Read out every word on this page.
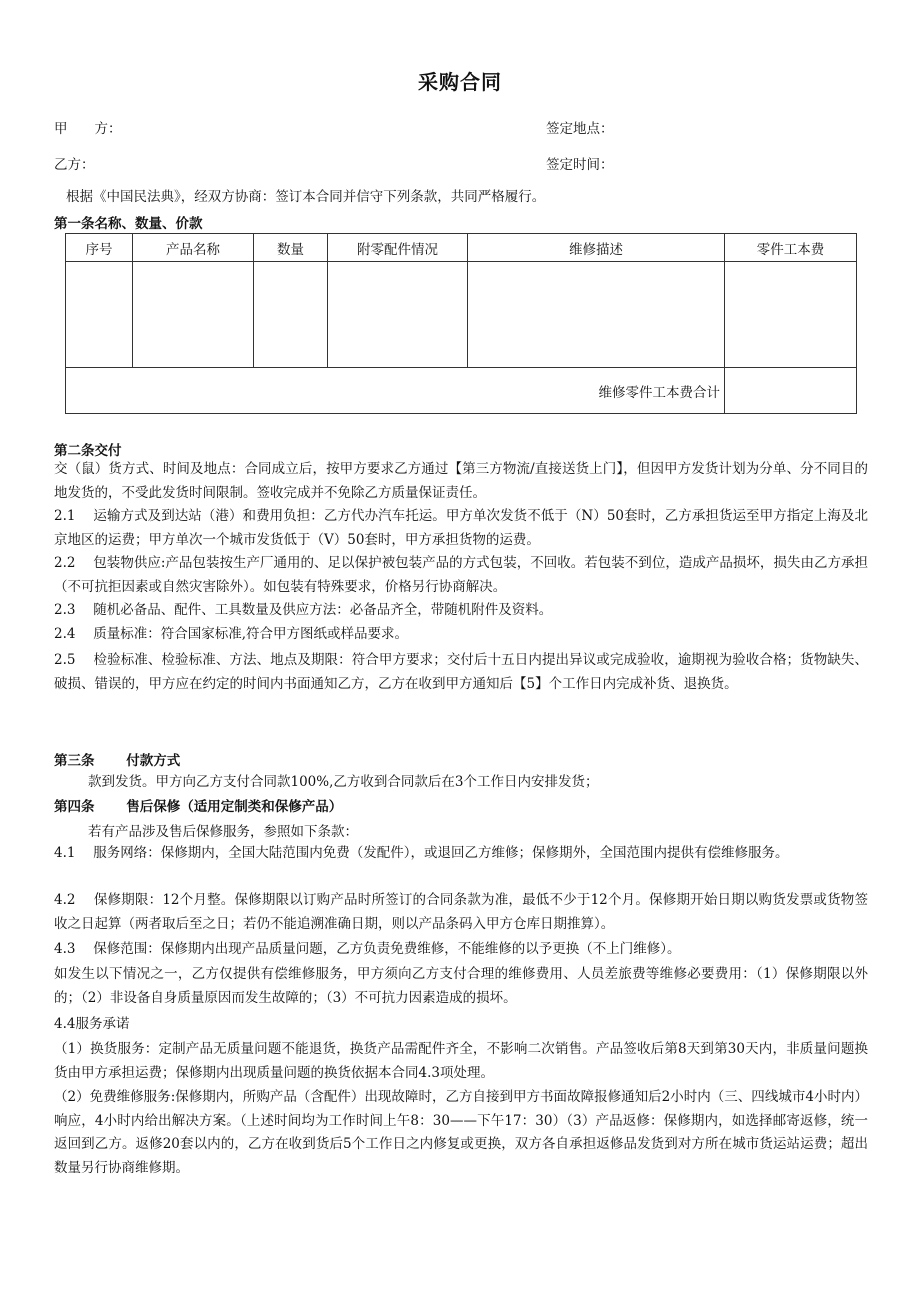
采购合同
甲　　方：	签定地点：
乙方：	签定时间：
根据《中国民法典》，经双方协商：签订本合同并信守下列条款，共同严格履行。
第一条名称、数量、价款
序号	产品名称	数量	附零配件情况	维修描述	零件工本费

维修零件工本费合计					
第二条交付
交（鼠）货方式、时间及地点：合同成立后，按甲方要求乙方通过【第三方物流/直接送货上门】，但因甲方发货计划为分单、分不同目的地发货的，不受此发货时间限制。签收完成并不免除乙方质量保证责任。
2.1　 运输方式及到达站（港）和费用负担：乙方代办汽车托运。甲方单次发货不低于（N）50套时，乙方承担货运至甲方指定上海及北京地区的运费；甲方单次一个城市发货低于（V）50套时，甲方承担货物的运费。
2.2　 包装物供应:产品包装按生产厂通用的、足以保护被包装产品的方式包装，不回收。若包装不到位，造成产品损坏，损失由乙方承担（不可抗拒因素或自然灾害除外）。如包装有特殊要求，价格另行协商解决。
2.3　 随机必备品、配件、工具数量及供应方法：必备品齐全，带随机附件及资料。
2.4　 质量标准：符合国家标准,符合甲方图纸或样品要求。
2.5　 检验标准、检验标准、方法、地点及期限：符合甲方要求；交付后十五日内提出异议或完成验收，逾期视为验收合格；货物缺失、破损、错误的，甲方应在约定的时间内书面通知乙方，乙方在收到甲方通知后【5】个工作日内完成补货、退换货。
第三条　　 付款方式
款到发货。甲方向乙方支付合同款100%,乙方收到合同款后在3个工作日内安排发货；
第四条　　 售后保修（适用定制类和保修产品）
若有产品涉及售后保修服务，参照如下条款：
4.1　 服务网络：保修期内，全国大陆范围内免费（发配件），或退回乙方维修；保修期外，全国范围内提供有偿维修服务。
4.2　 保修期限：12个月整。保修期限以订购产品时所签订的合同条款为准，最低不少于12个月。保修期开始日期以购货发票或货物签收之日起算（两者取后至之日；若仍不能追溯准确日期，则以产品条码入甲方仓库日期推算）。
4.3　 保修范围：保修期内出现产品质量问题，乙方负责免费维修，不能维修的以予更换（不上门维修）。
如发生以下情况之一，乙方仅提供有偿维修服务，甲方须向乙方支付合理的维修费用、人员差旅费等维修必要费用：（1）保修期限以外的；（2）非设备自身质量原因而发生故障的；（3）不可抗力因素造成的损坏。
4.4服务承诺
（1）换货服务：定制产品无质量问题不能退货，换货产品需配件齐全，不影响二次销售。产品签收后第8天到第30天内，非质量问题换货由甲方承担运费；保修期内出现质量问题的换货依据本合同4.3项处理。
（2）免费维修服务:保修期内，所购产品（含配件）出现故障时，乙方自接到甲方书面故障报修通知后2小时内（三、四线城市4小时内）响应，4小时内给出解决方案。（上述时间均为工作时间上午8：30——下午17：30）（3）产品返修：保修期内，如选择邮寄返修，统一返回到乙方。返修20套以内的，乙方在收到货后5个工作日之内修复或更换，双方各自承担返修品发货到对方所在城市货运站运费；超出数量另行协商维修期。
